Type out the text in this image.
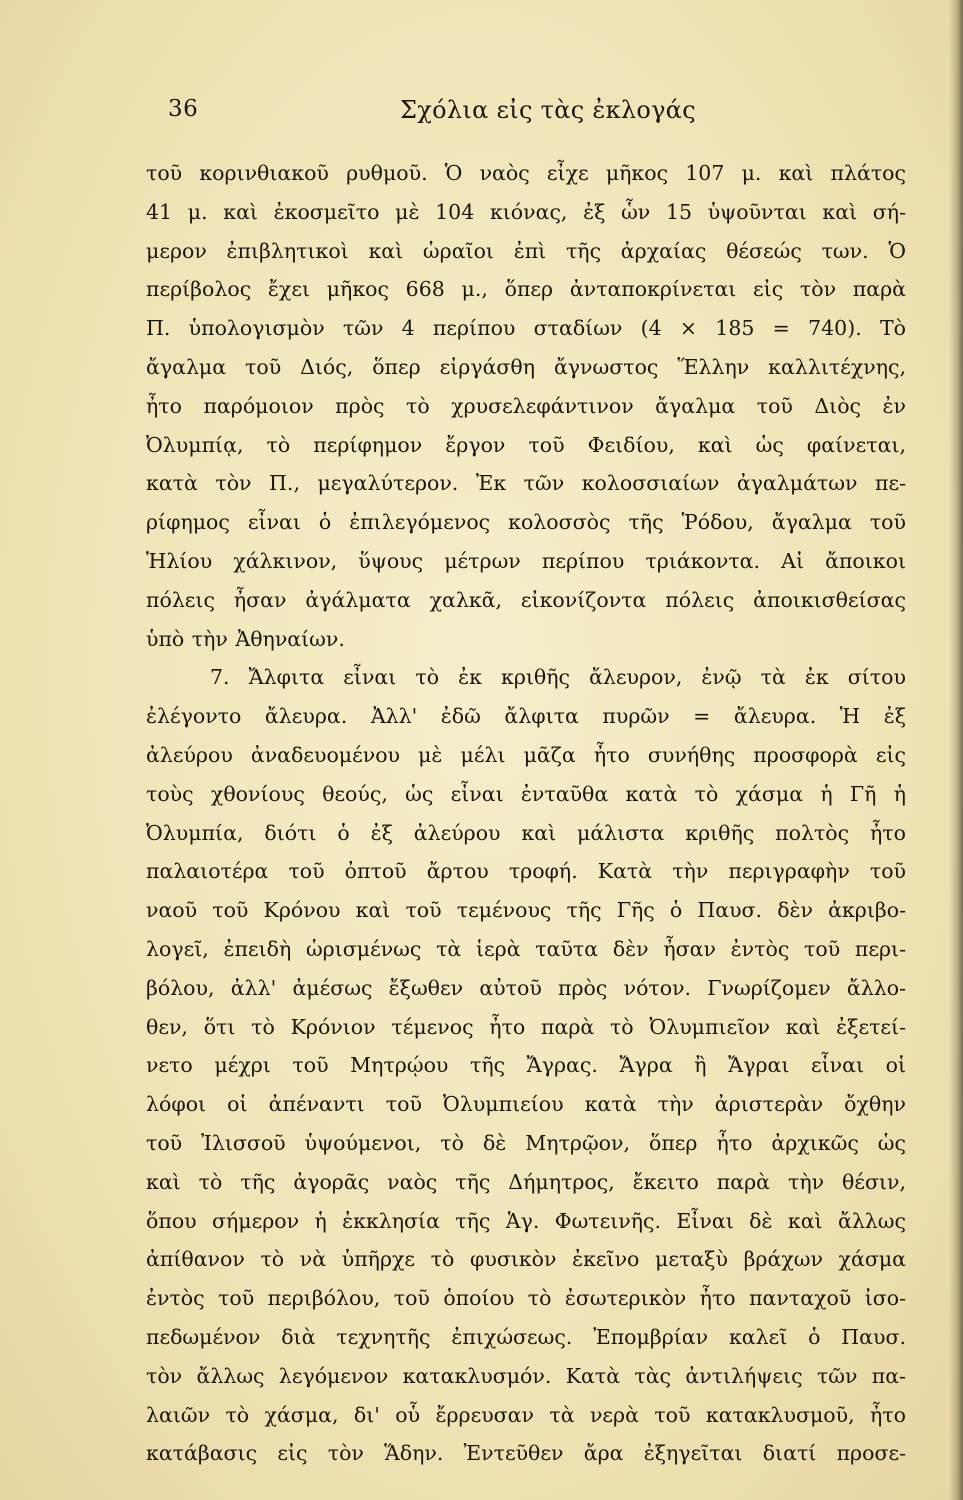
36	Σχόλια εἰς τὰς ἐκλογάς
τοῦ κορινθιακοῦ ρυθμοῦ. Ὁ ναὸς εἶχε μῆκος 107 μ. καὶ πλάτος
41 μ. καὶ ἐκοσμεῖτο μὲ 104 κιόνας, ἐξ ὧν 15 ὑψοῦνται καὶ σή-
μερον ἐπιβλητικοὶ καὶ ὡραῖοι ἐπὶ τῆς ἀρχαίας θέσεώς των. Ὁ
περίβολος ἔχει μῆκος 668 μ., ὅπερ ἀνταποκρίνεται εἰς τὸν παρὰ
Π. ὑπολογισμὸν τῶν 4 περίπου σταδίων (4 × 185 = 740). Τὸ
ἄγαλμα τοῦ Διός, ὅπερ εἰργάσθη ἄγνωστος Ἕλλην καλλιτέχνης,
ἦτο παρόμοιον πρὸς τὸ χρυσελεφάντινον ἄγαλμα τοῦ Διὸς ἐν
Ὀλυμπίᾳ, τὸ περίφημον ἔργον τοῦ Φειδίου, καὶ ὡς φαίνεται,
κατὰ τὸν Π., μεγαλύτερον. Ἐκ τῶν κολοσσιαίων ἀγαλμάτων πε-
ρίφημος εἶναι ὁ ἐπιλεγόμενος κολοσσὸς τῆς Ῥόδου, ἄγαλμα τοῦ
Ἡλίου χάλκινον, ὕψους μέτρων περίπου τριάκοντα. Αἱ ἄποικοι
πόλεις ἦσαν ἀγάλματα χαλκᾶ, εἰκονίζοντα πόλεις ἀποικισθείσας
ὑπὸ τὴν Ἀθηναίων.
7. Ἄλφιτα εἶναι τὸ ἐκ κριθῆς ἄλευρον, ἐνῷ τὰ ἐκ σίτου
ἐλέγοντο ἄλευρα. Ἀλλ' ἐδῶ ἄλφιτα πυρῶν = ἄλευρα. Ἡ ἐξ
ἀλεύρου ἀναδευομένου μὲ μέλι μᾶζα ἦτο συνήθης προσφορὰ εἰς
τοὺς χθονίους θεούς, ὡς εἶναι ἐνταῦθα κατὰ τὸ χάσμα ἡ Γῆ ἡ
Ὀλυμπία, διότι ὁ ἐξ ἀλεύρου καὶ μάλιστα κριθῆς πολτὸς ἦτο
παλαιοτέρα τοῦ ὀπτοῦ ἄρτου τροφή. Κατὰ τὴν περιγραφὴν τοῦ
ναοῦ τοῦ Κρόνου καὶ τοῦ τεμένους τῆς Γῆς ὁ Παυσ. δὲν ἀκριβο-
λογεῖ, ἐπειδὴ ὡρισμένως τὰ ἱερὰ ταῦτα δὲν ἦσαν ἐντὸς τοῦ περι-
βόλου, ἀλλ' ἀμέσως ἔξωθεν αὐτοῦ πρὸς νότον. Γνωρίζομεν ἄλλο-
θεν, ὅτι τὸ Κρόνιον τέμενος ἦτο παρὰ τὸ Ὀλυμπιεῖον καὶ ἐξετεί-
νετο μέχρι τοῦ Μητρῴου τῆς Ἄγρας. Ἄγρα ἢ Ἄγραι εἶναι οἱ
λόφοι οἱ ἀπέναντι τοῦ Ὀλυμπιείου κατὰ τὴν ἀριστερὰν ὄχθην
τοῦ Ἰλισσοῦ ὑψούμενοι, τὸ δὲ Μητρῷον, ὅπερ ἦτο ἀρχικῶς ὡς
καὶ τὸ τῆς ἀγορᾶς ναὸς τῆς Δήμητρος, ἔκειτο παρὰ τὴν θέσιν,
ὅπου σήμερον ἡ ἐκκλησία τῆς Ἁγ. Φωτεινῆς. Εἶναι δὲ καὶ ἄλλως
ἀπίθανον τὸ νὰ ὑπῆρχε τὸ φυσικὸν ἐκεῖνο μεταξὺ βράχων χάσμα
ἐντὸς τοῦ περιβόλου, τοῦ ὁποίου τὸ ἐσωτερικὸν ἦτο πανταχοῦ ἰσο-
πεδωμένον διὰ τεχνητῆς ἐπιχώσεως. Ἐπομβρίαν καλεῖ ὁ Παυσ.
τὸν ἄλλως λεγόμενον κατακλυσμόν. Κατὰ τὰς ἀντιλήψεις τῶν πα-
λαιῶν τὸ χάσμα, δι' οὗ ἔρρευσαν τὰ νερὰ τοῦ κατακλυσμοῦ, ἦτο
κατάβασις εἰς τὸν Ἅδην. Ἐντεῦθεν ἄρα ἐξηγεῖται διατί προσε-
